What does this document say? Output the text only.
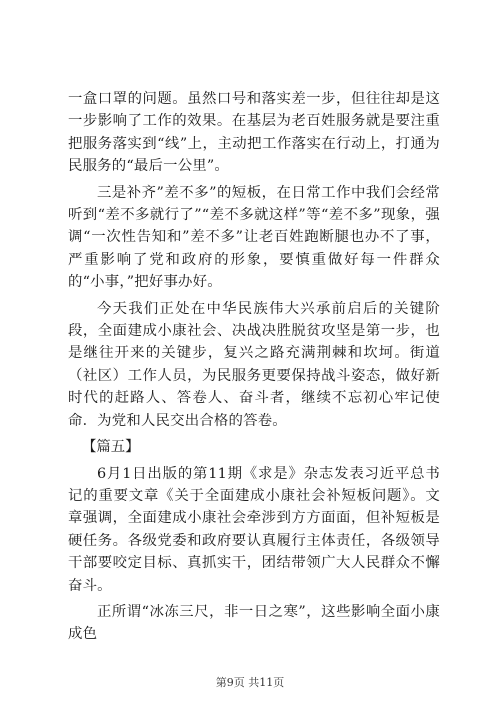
一盒口罩的问题。虽然口号和落实差一步，但往往却是这一步影响了工作的效果。在基层为老百姓服务就是要注重把服务落实到“线”上，主动把工作落实在行动上，打通为民服务的“最后一公里”。

三是补齐”差不多”的短板，在日常工作中我们会经常听到“差不多就行了”“差不多就这样”等“差不多”现象，强调“一次性告知和”差不多”让老百姓跑断腿也办不了事，严重影响了党和政府的形象，要慎重做好每一件群众的“小事，”把好事办好。

今天我们正处在中华民族伟大兴承前启后的关键阶段，全面建成小康社会、决战决胜脱贫攻坚是第一步，也是继往开来的关键步，复兴之路充满荆棘和坎坷。街道（社区）工作人员，为民服务更要保持战斗姿态，做好新时代的赶路人、答卷人、奋斗者，继续不忘初心牢记使命．为党和人民交出合格的答卷。

【篇五】

6月1日出版的第11期《求是》杂志发表习近平总书记的重要文章《关于全面建成小康社会补短板问题》。文章强调，全面建成小康社会牵涉到方方面面，但补短板是硬任务。各级党委和政府要认真履行主体责任，各级领导干部要咬定目标、真抓实干，团结带领广大人民群众不懈奋斗。

正所谓“冰冻三尺，非一日之寒”，这些影响全面小康成色

第9页 共11页
